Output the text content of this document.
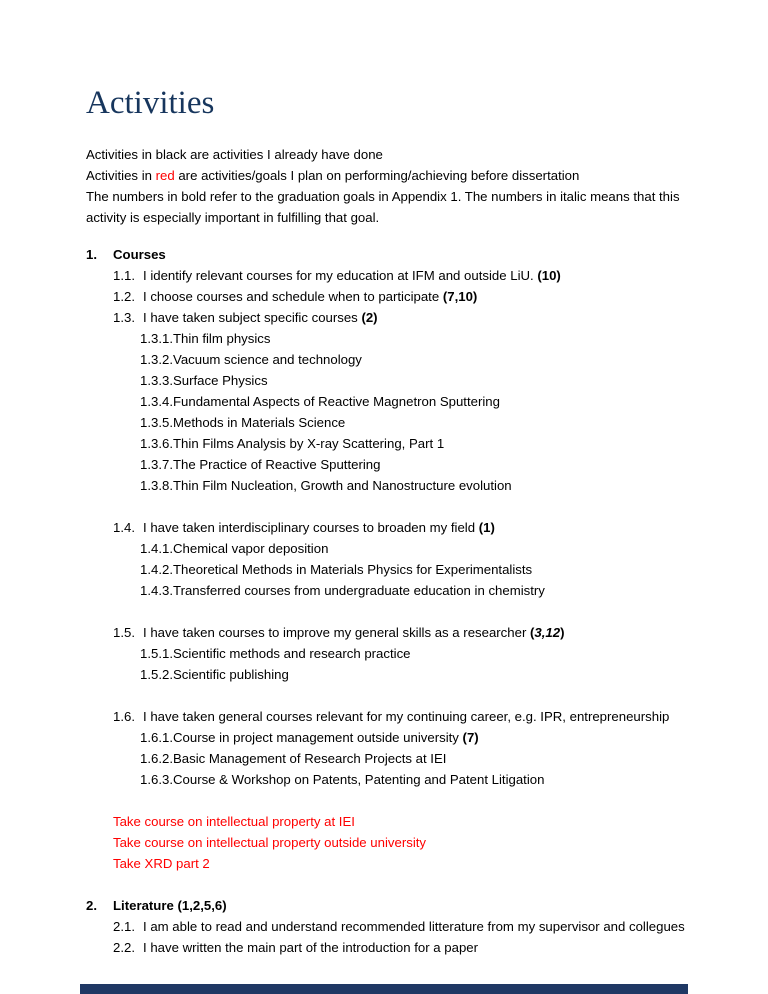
Activities

Activities in black are activities I already have done

Activities in red are activities/goals I plan on performing/achieving before dissertation

The numbers in bold refer to the graduation goals in Appendix 1. The numbers in italic means that this activity is especially important in fulfilling that goal.

1. Courses
1.1. I identify relevant courses for my education at IFM and outside LiU. (10)
1.2. I choose courses and schedule when to participate (7,10)
1.3. I have taken subject specific courses (2)
1.3.1.Thin film physics
1.3.2.Vacuum science and technology
1.3.3.Surface Physics
1.3.4.Fundamental Aspects of Reactive Magnetron Sputtering
1.3.5.Methods in Materials Science
1.3.6.Thin Films Analysis by X-ray Scattering, Part 1
1.3.7.The Practice of Reactive Sputtering
1.3.8.Thin Film Nucleation, Growth and Nanostructure evolution
1.4. I have taken interdisciplinary courses to broaden my field (1)
1.4.1.Chemical vapor deposition
1.4.2.Theoretical Methods in Materials Physics for Experimentalists
1.4.3.Transferred courses from undergraduate education in chemistry
1.5. I have taken courses to improve my general skills as a researcher (3,12)
1.5.1.Scientific methods and research practice
1.5.2.Scientific publishing
1.6. I have taken general courses relevant for my continuing career, e.g. IPR, entrepreneurship
1.6.1.Course in project management outside university (7)
1.6.2.Basic Management of Research Projects at IEI
1.6.3.Course & Workshop on Patents, Patenting and Patent Litigation
Take course on intellectual property at IEI
Take course on intellectual property outside university
Take XRD part 2
2. Literature (1,2,5,6)
2.1. I am able to read and understand recommended litterature from my supervisor and collegues
2.2. I have written the main part of the introduction for a paper
